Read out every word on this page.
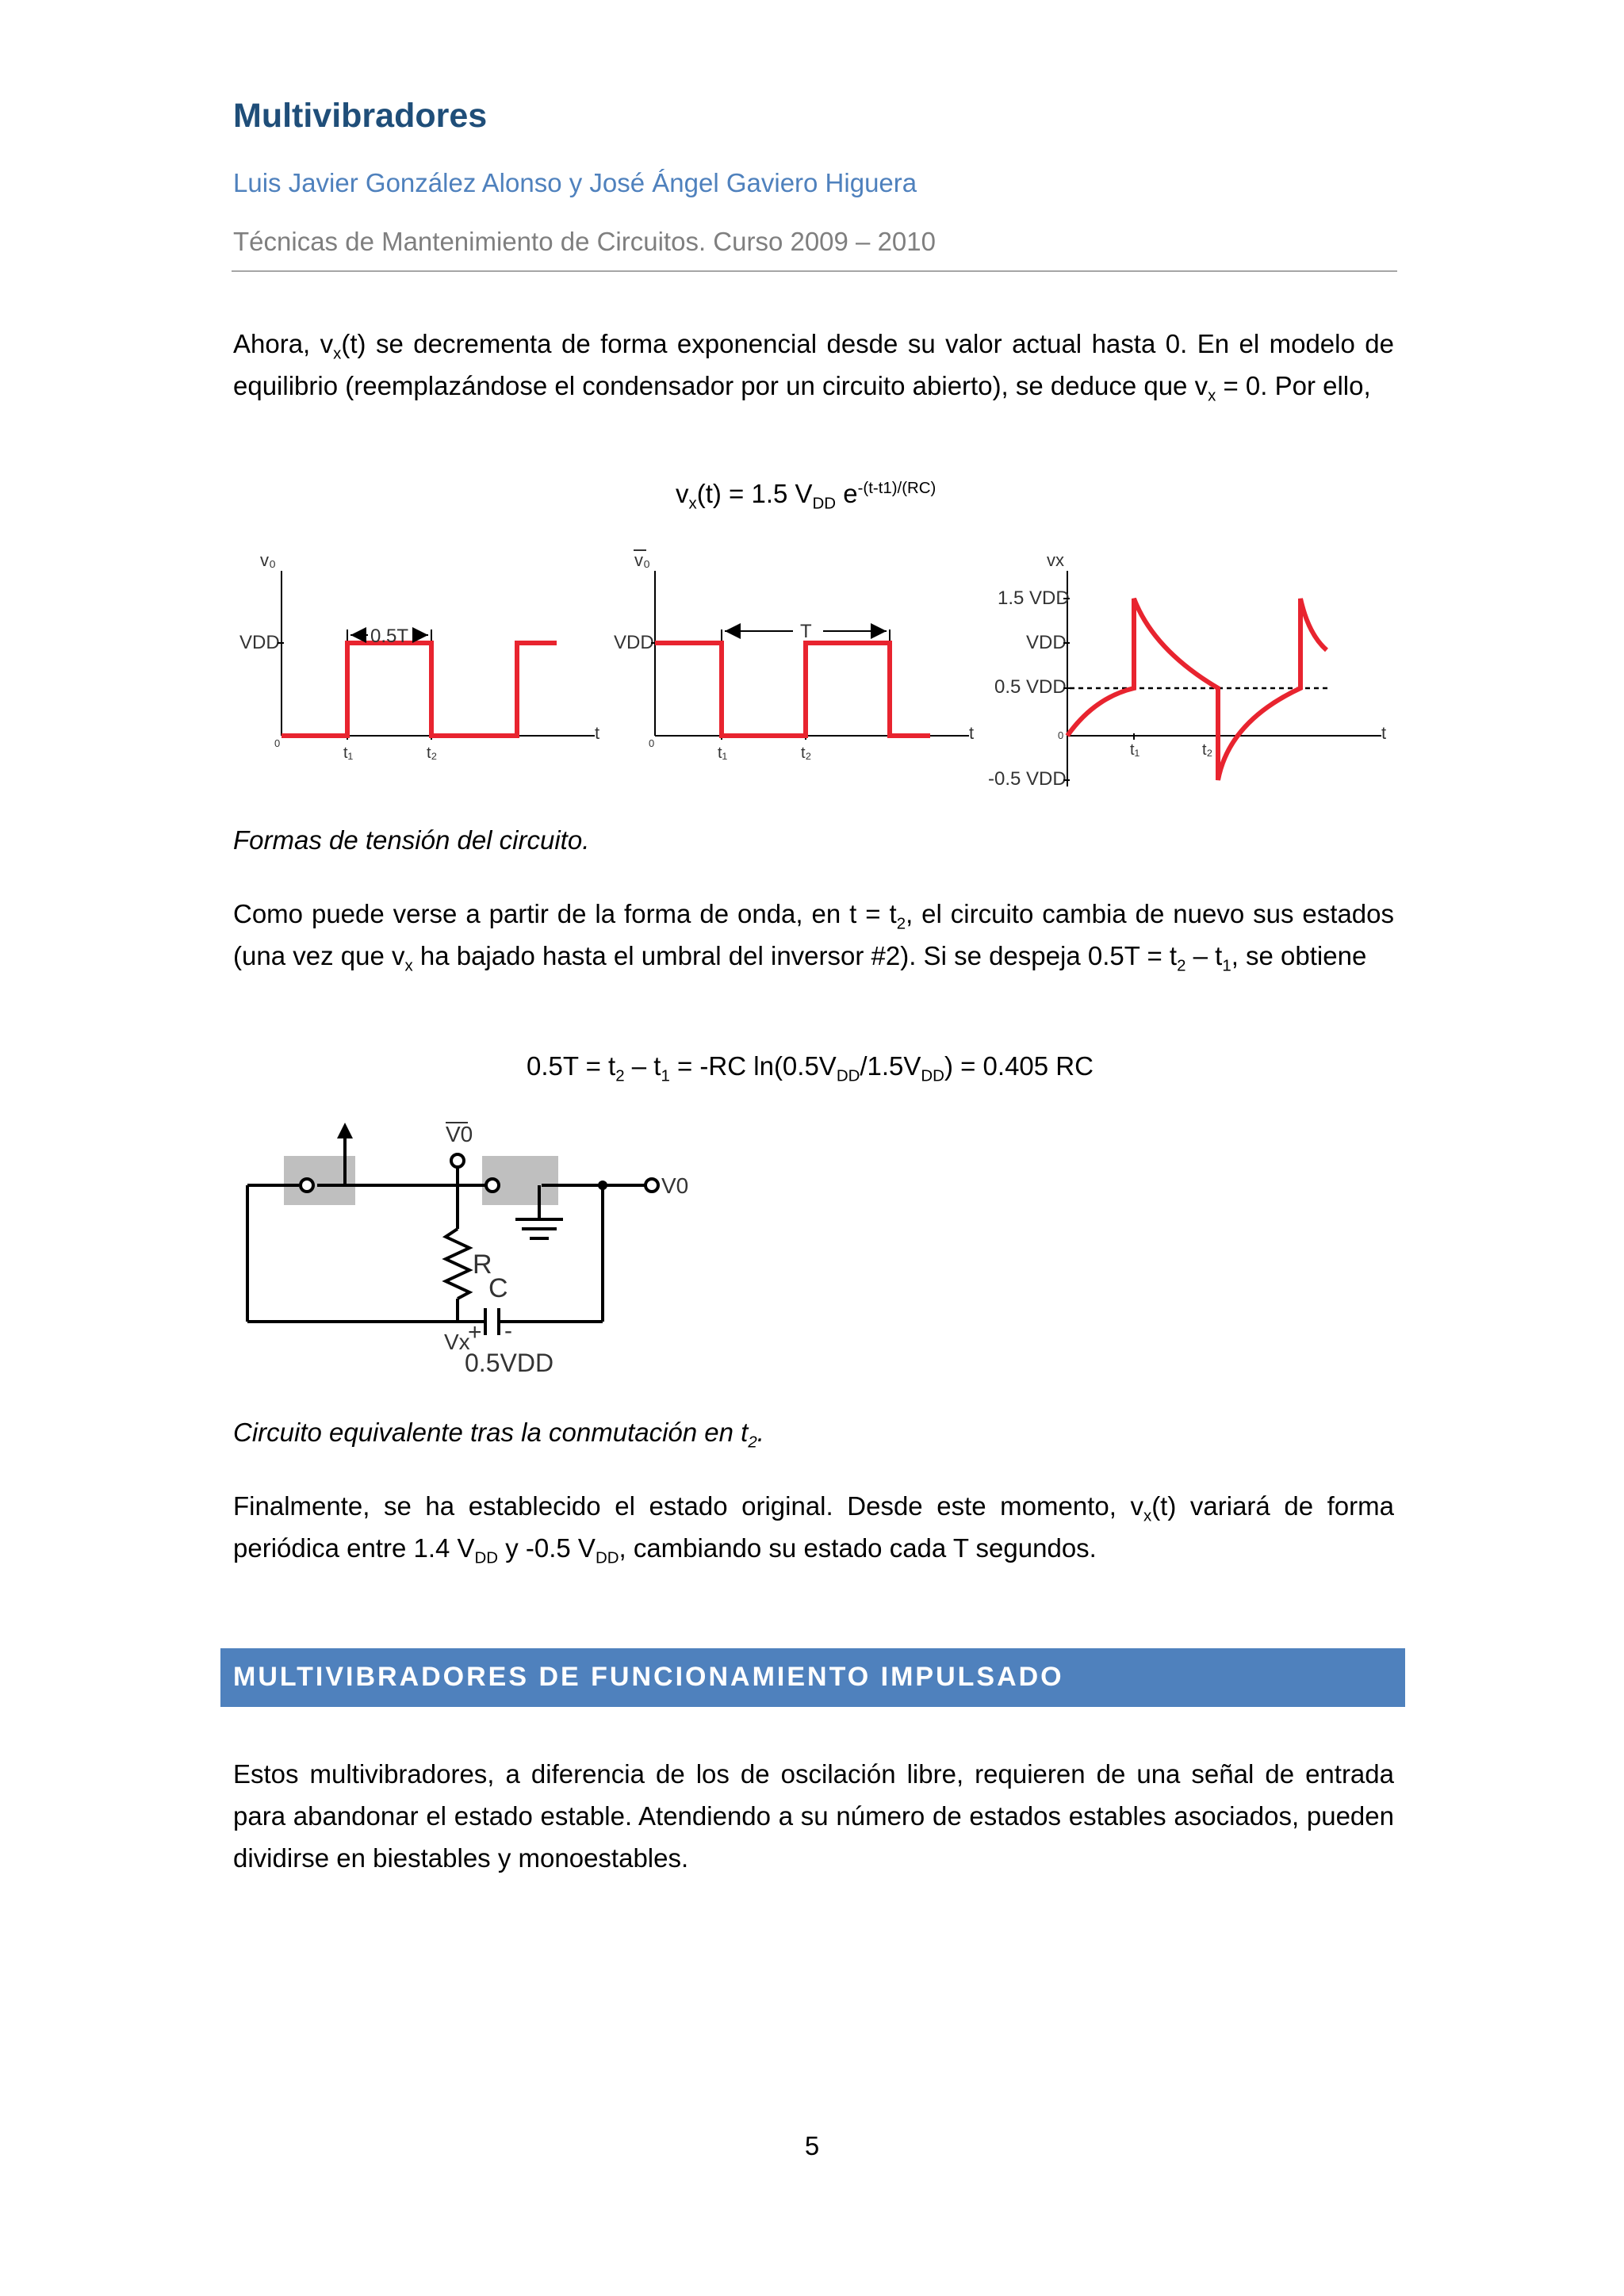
Multivibradores
Luis Javier González Alonso y José Ángel Gaviero Higuera
Técnicas de Mantenimiento de Circuitos. Curso 2009 – 2010

Ahora, $v_x(t)$ se decrementa de forma exponencial desde su valor actual hasta 0. En el modelo de equilibrio (reemplazándose el condensador por un circuito abierto), se deduce que $v_x = 0$. Por ello,

$v_x(t) = 1.5$ $V_{DD}$ $e^{-(t-t1)/(RC)}$
v₀
VDD
0
t
t₁	t₂
0.5T
v₀
VDD
0
t
t₁	t₂
T
vx
1.5 VDD
VDD
0.5 VDD
-0.5 VDD
0	t
t₁	t₂
Formas de tensión del circuito.

Como puede verse a partir de la forma de onda, en $t = t_2$, el circuito cambia de nuevo sus estados (una vez que $v_x$ ha bajado hasta el umbral del inversor #2). Si se despeja $0.5T = t_2 - t_1$, se obtiene

$0.5T = t_2 - t_1 = -RC$ $\ln(0.5V_{DD}/1.5V_{DD}) = 0.405$ RC
V0
V0
R
C
Vx
+ -
0.5VDD
Circuito equivalente tras la conmutación en $t_2$.

Finalmente, se ha establecido el estado original. Desde este momento, $v_x(t)$ variará de forma periódica entre 1.4 $V_{DD}$ y -0.5 $V_{DD}$, cambiando su estado cada T segundos.

MULTIVIBRADORES DE FUNCIONAMIENTO IMPULSADO

Estos multivibradores, a diferencia de los de oscilación libre, requieren de una señal de entrada para abandonar el estado estable. Atendiendo a su número de estados estables asociados, pueden dividirse en biestables y monoestables.

5
